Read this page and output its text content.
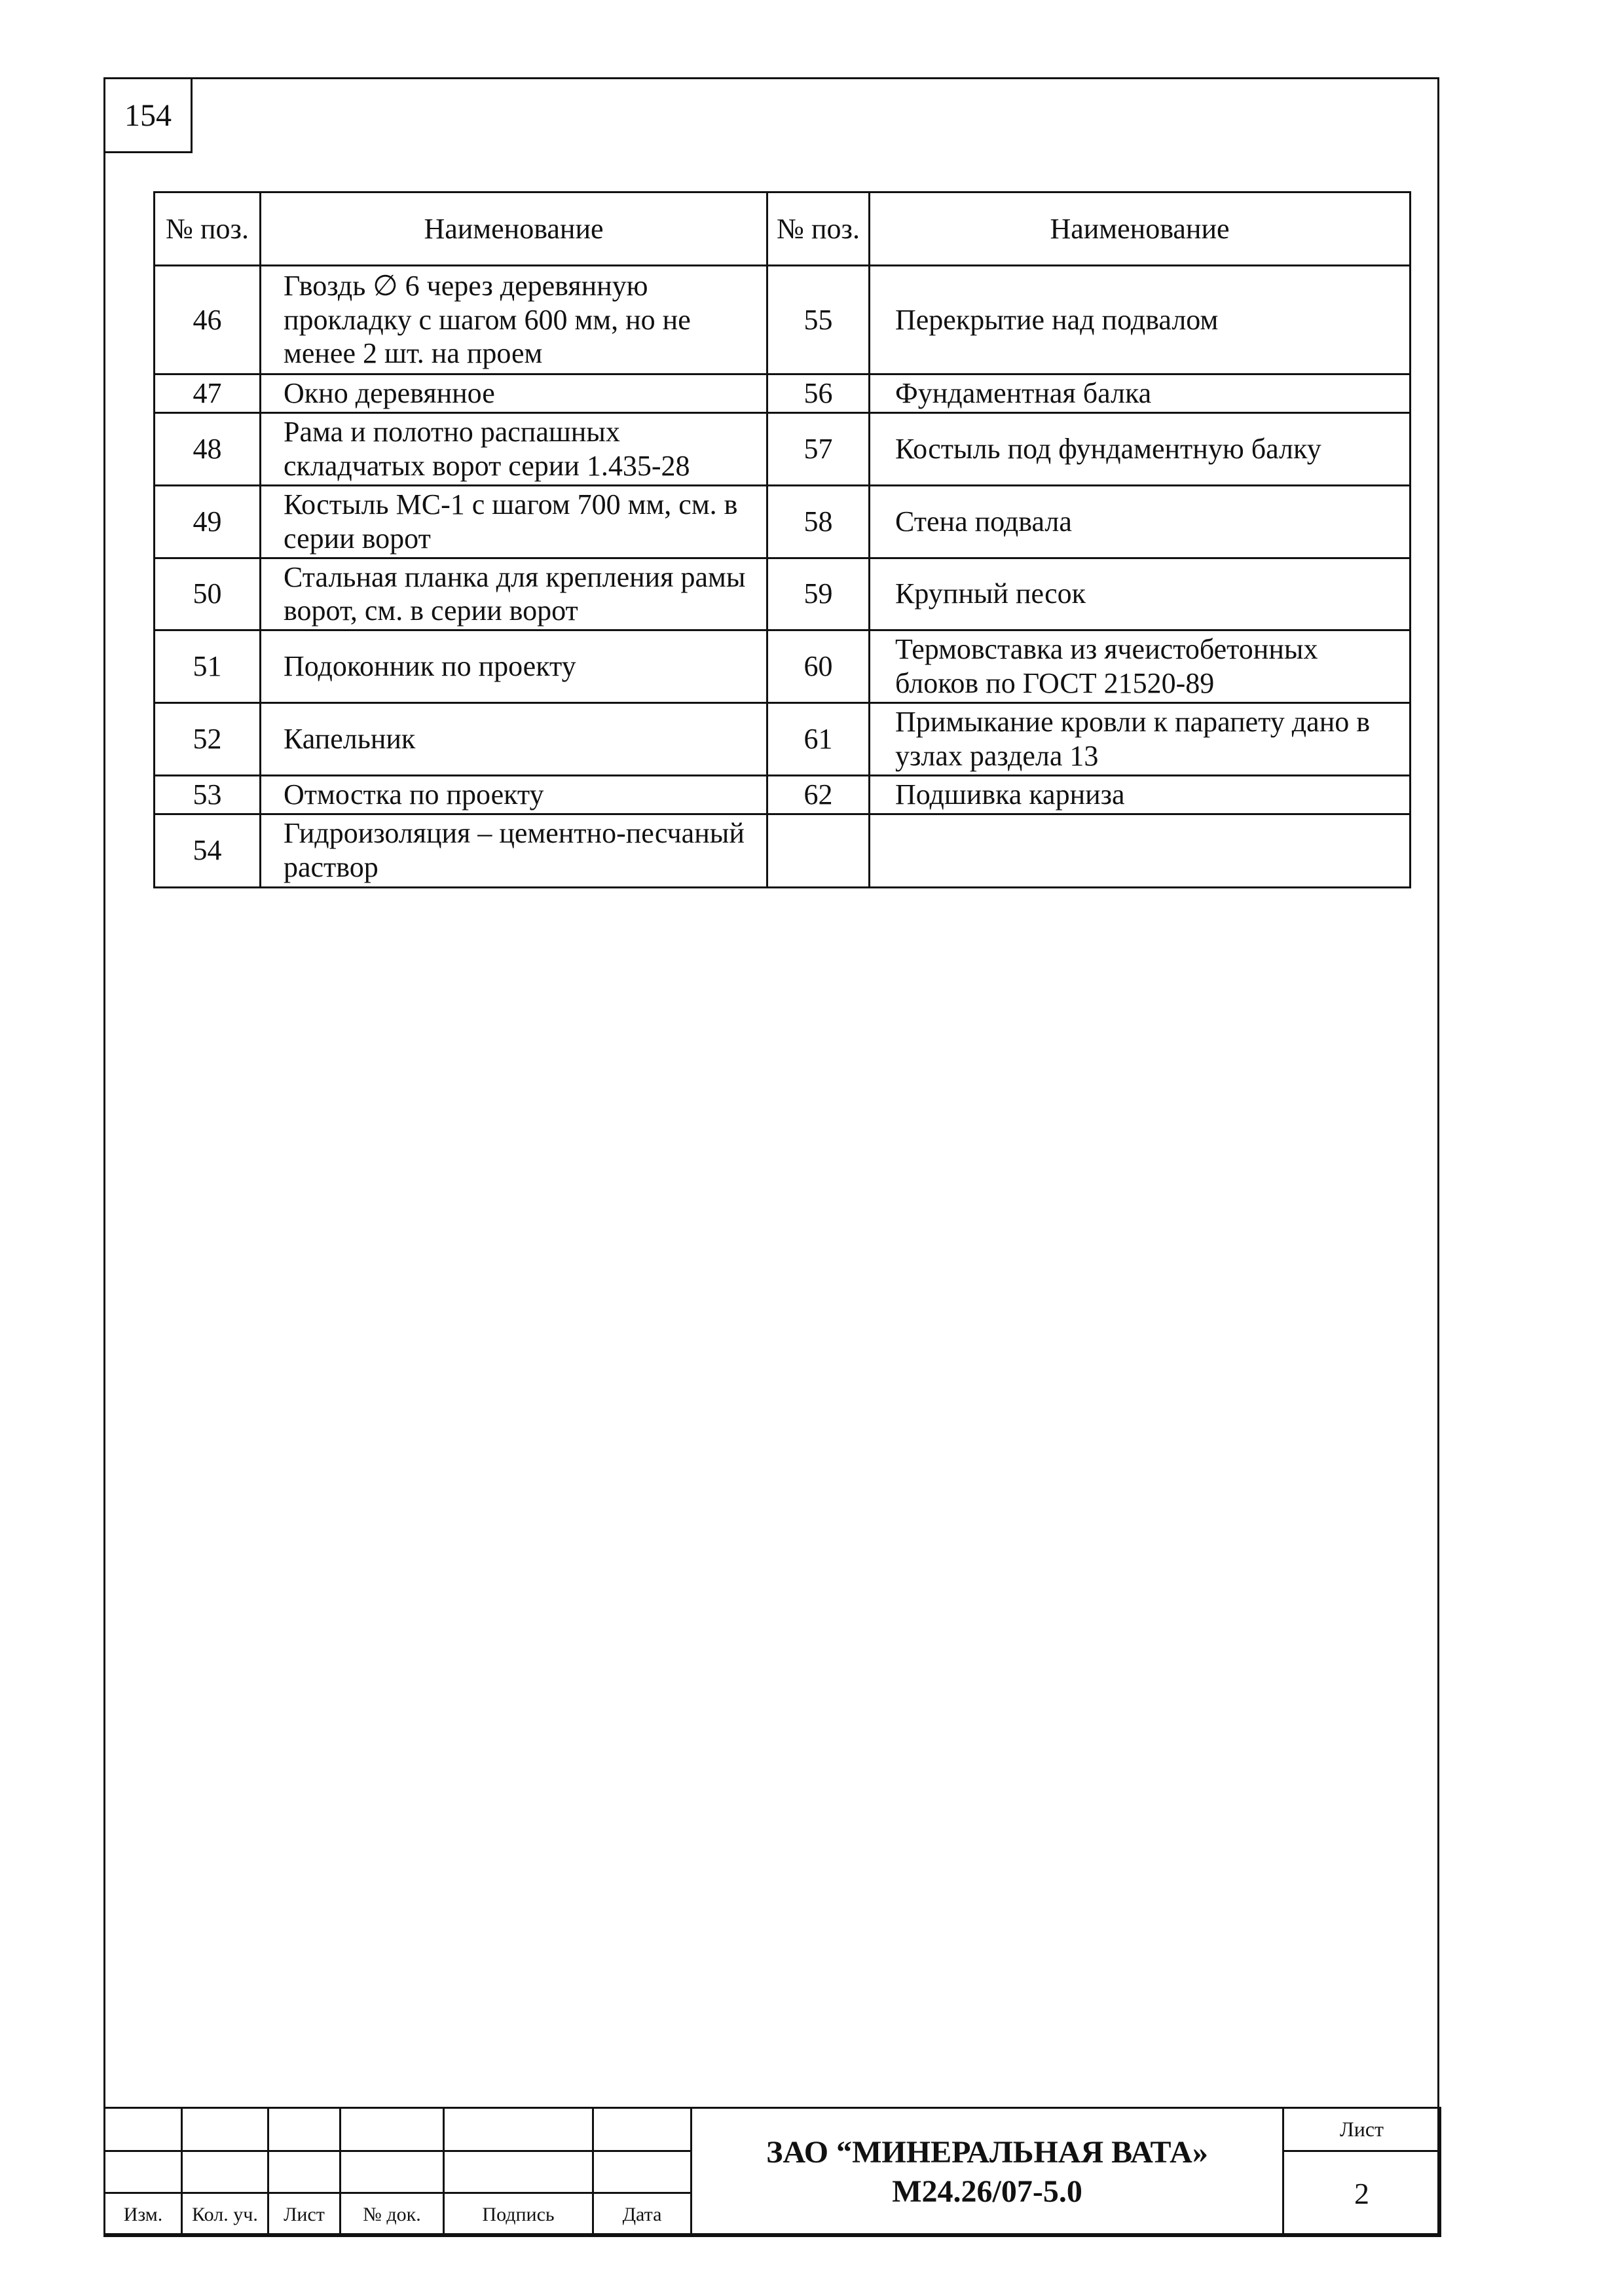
154
№ поз.	Наименование	№ поз.	Наименование
46	Гвоздь ∅ 6 через деревянную прокладку с шагом 600 мм, но не менее 2 шт. на проем	55	Перекрытие над подвалом
47	Окно деревянное	56	Фундаментная балка
48	Рама и полотно распашных складчатых ворот серии 1.435-28	57	Костыль под фундаментную балку
49	Костыль МС-1 с шагом 700 мм, см. в серии ворот	58	Стена подвала
50	Стальная планка для крепления рамы ворот, см. в серии ворот	59	Крупный песок
51	Подоконник по проекту	60	Термовставка из ячеистобетонных блоков по ГОСТ 21520-89
52	Капельник	61	Примыкание кровли к парапету дано в узлах раздела 13
53	Отмостка по проекту	62	Подшивка карниза
54	Гидроизоляция – цементно-песчаный раствор		

						ЗАО “МИНЕРАЛЬНАЯ ВАТА»
М24.26/07-5.0	Лист
							2
Изм.	Кол. уч.	Лист	№ док.	Подпись	Дата		
